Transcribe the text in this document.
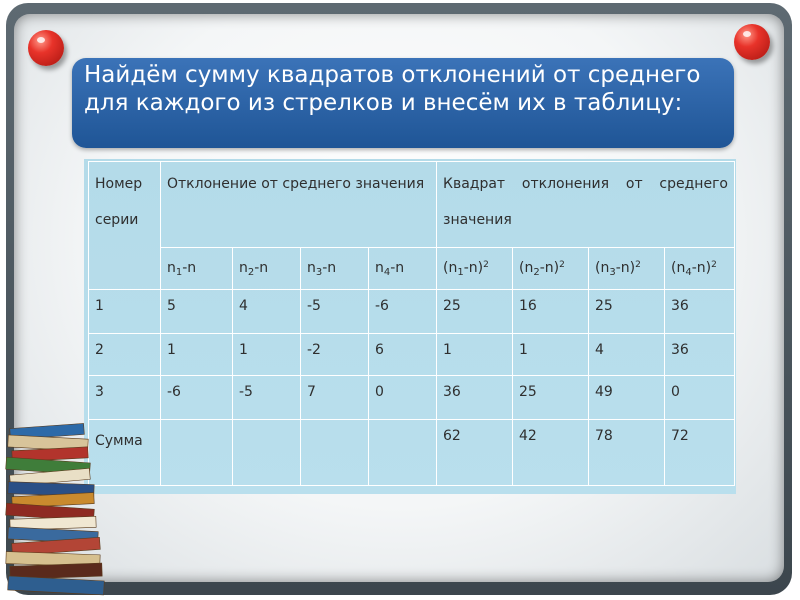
Найдём сумму квадратов отклонений от среднего для каждого из стрелков и внесём их в таблицу:
Номер серии	Отклонение от среднего значения				Квадрат отклонения от среднего значения			
	$n_1-n$	$n_2-n$	$n_3-n$	$n_4-n$	$(n_1-n)^2$	$(n_2-n)^2$	$(n_3-n)^2$	$(n_4-n)^2$
1	5	4	-5	-6	25	16	25	36
2	1	1	-2	6	1	1	4	36
3	-6	-5	7	0	36	25	49	0
Сумма					62	42	78	72
